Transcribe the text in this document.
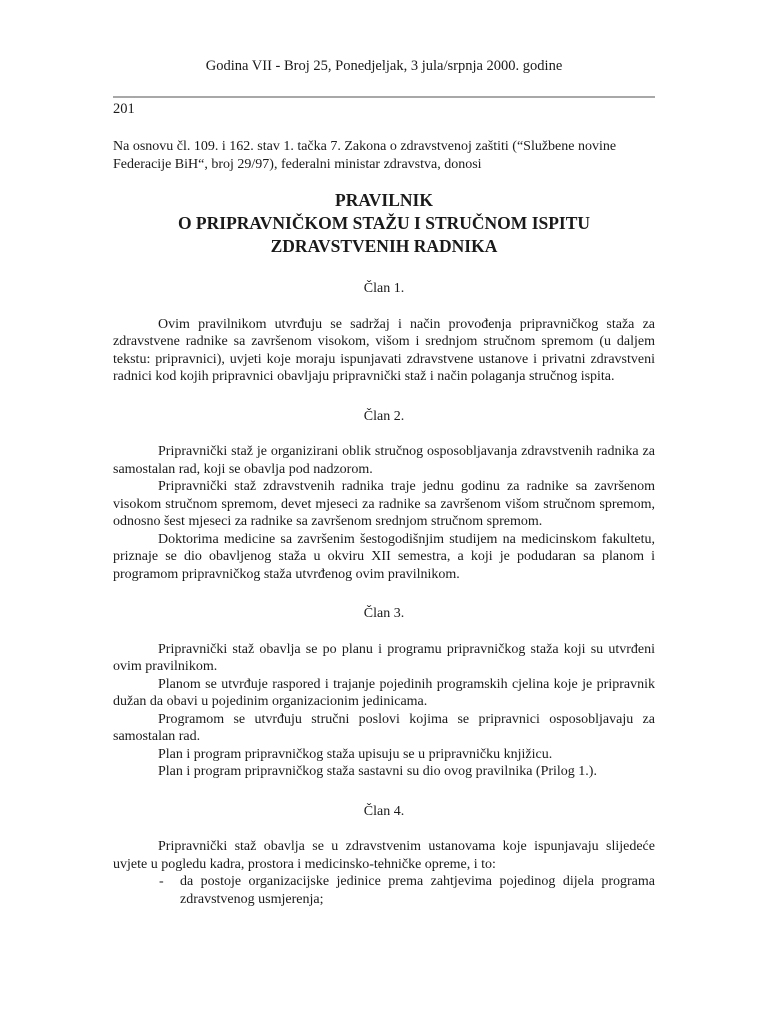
Godina VII - Broj 25, Ponedjeljak, 3 jula/srpnja 2000. godine
201

Na osnovu čl. 109. i 162. stav 1. tačka 7. Zakona o zdravstvenoj zaštiti (“Službene novine Federacije BiH“, broj 29/97), federalni ministar zdravstva, donosi

PRAVILNIK
O PRIPRAVNIČKOM STAŽU I STRUČNOM ISPITU
ZDRAVSTVENIH RADNIKA
Član 1.

Ovim pravilnikom utvrđuju se sadržaj i način provođenja pripravničkog staža za zdravstvene radnike sa završenom visokom, višom i srednjom stručnom spremom (u daljem tekstu: pripravnici), uvjeti koje moraju ispunjavati zdravstvene ustanove i privatni zdravstveni radnici kod kojih pripravnici obavljaju pripravnički staž i način polaganja stručnog ispita.

Član 2.

Pripravnički staž je organizirani oblik stručnog osposobljavanja zdravstvenih radnika za samostalan rad, koji se obavlja pod nadzorom.

Pripravnički staž zdravstvenih radnika traje jednu godinu za radnike sa završenom visokom stručnom spremom, devet mjeseci za radnike sa završenom višom stručnom spremom, odnosno šest mjeseci za radnike sa završenom srednjom stručnom spremom.

Doktorima medicine sa završenim šestogodišnjim studijem na medicinskom fakultetu, priznaje se dio obavljenog staža u okviru XII semestra, a koji je podudaran sa planom i programom pripravničkog staža utvrđenog ovim pravilnikom.

Član 3.

Pripravnički staž obavlja se po planu i programu pripravničkog staža koji su utvrđeni ovim pravilnikom.

Planom se utvrđuje raspored i trajanje pojedinih programskih cjelina koje je pripravnik dužan da obavi u pojedinim organizacionim jedinicama.

Programom se utvrđuju stručni poslovi kojima se pripravnici osposobljavaju za samostalan rad.

Plan i program pripravničkog staža upisuju se u pripravničku knjižicu.

Plan i program pripravničkog staža sastavni su dio ovog pravilnika (Prilog 1.).

Član 4.

Pripravnički staž obavlja se u zdravstvenim ustanovama koje ispunjavaju slijedeće uvjete u pogledu kadra, prostora i medicinsko-tehničke opreme, i to:

- da postoje organizacijske jedinice prema zahtjevima pojedinog dijela programa zdravstvenog usmjerenja;
